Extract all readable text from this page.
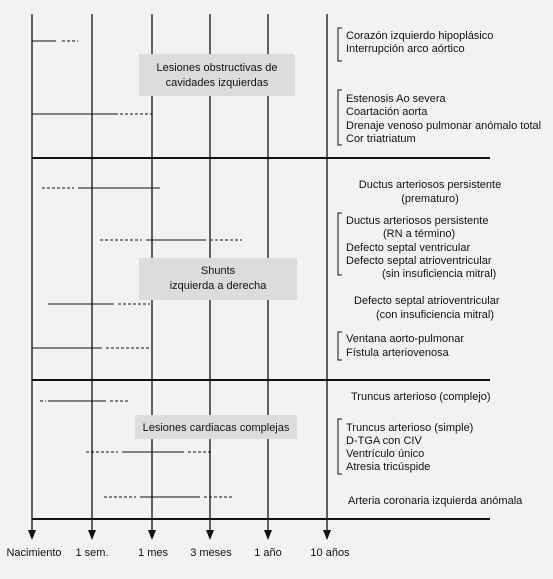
Nacimiento 1 sem.	1 mes 3 meses 1 año	10 años
Lesiones obstructivas de
cavidades izquierdas
Shunts
izquierda a derecha
Lesiones cardiacas complejas
Corazón izquierdo hipoplásico
Interrupción arco aórtico
Estenosis Ao severa
Coartación aorta
Drenaje venoso pulmonar anómalo total
Cor triatriatum
Ductus arteriosos persistente
(prematuro)
Ductus arteriosos persistente
(RN a término)
Defecto septal ventricular
Defecto septal atrioventricular
(sin insuficiencia mitral)
Defecto septal atrioventricular
(con insuficiencia mitral)
Ventana aorto-pulmonar
Fístula arteriovenosa
Truncus arterioso (complejo)
Truncus arterioso (simple)
D-TGA con CIV
Ventrículo único
Atresia tricúspide
Arteria coronaria izquierda anómala
